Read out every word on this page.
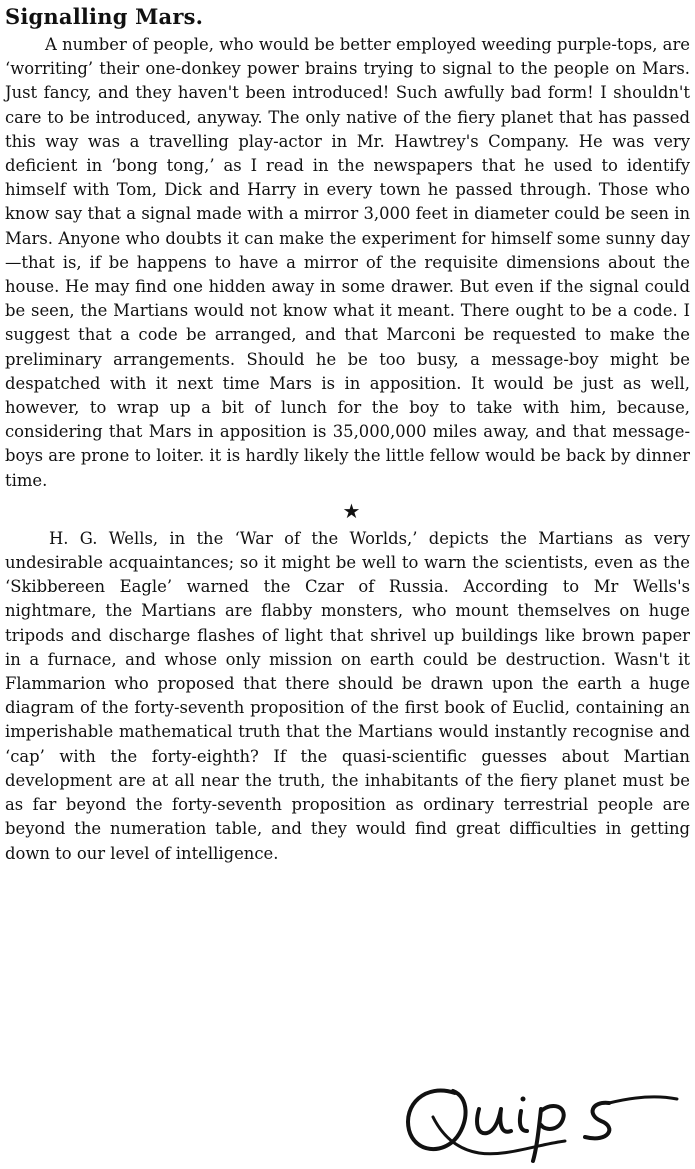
Signalling Mars.

A number of people, who would be better employed weeding purple-tops, are ‘worriting’ their one-donkey power brains trying to signal to the people on Mars. Just fancy, and they haven't been introduced! Such awfully bad form! I shouldn't care to be introduced, anyway. The only native of the fiery planet that has passed this way was a travelling play-actor in Mr. Hawtrey's Company. He was very deficient in ‘bong tong,’ as I read in the newspapers that he used to identify himself with Tom, Dick and Harry in every town he passed through. Those who know say that a signal made with a mirror 3,000 feet in diameter could be seen in Mars. Anyone who doubts it can make the experiment for himself some sunny day—that is, if be happens to have a mirror of the requisite dimensions about the house. He may find one hidden away in some drawer. But even if the signal could be seen, the Martians would not know what it meant. There ought to be a code. I suggest that a code be arranged, and that Marconi be requested to make the preliminary arrangements. Should he be too busy, a message-boy might be despatched with it next time Mars is in apposition. It would be just as well, however, to wrap up a bit of lunch for the boy to take with him, because, considering that Mars in apposition is 35,000,000 miles away, and that message-boys are prone to loiter. it is hardly likely the little fellow would be back by dinner time.

★

H. G. Wells, in the ‘War of the Worlds,’ depicts the Martians as very undesirable acquaintances; so it might be well to warn the scientists, even as the ‘Skibbereen Eagle’ warned the Czar of Russia. According to Mr Wells's nightmare, the Martians are flabby monsters, who mount themselves on huge tripods and discharge flashes of light that shrivel up buildings like brown paper in a furnace, and whose only mission on earth could be destruction. Wasn't it Flammarion who proposed that there should be drawn upon the earth a huge diagram of the forty-seventh proposition of the first book of Euclid, containing an imperishable mathematical truth that the Martians would instantly recognise and ‘cap’ with the forty-eighth? If the quasi-scientific guesses about Martian development are at all near the truth, the inhabitants of the fiery planet must be as far beyond the forty-seventh proposition as ordinary terrestrial people are beyond the numeration table, and they would find great difficulties in getting down to our level of intelligence.
